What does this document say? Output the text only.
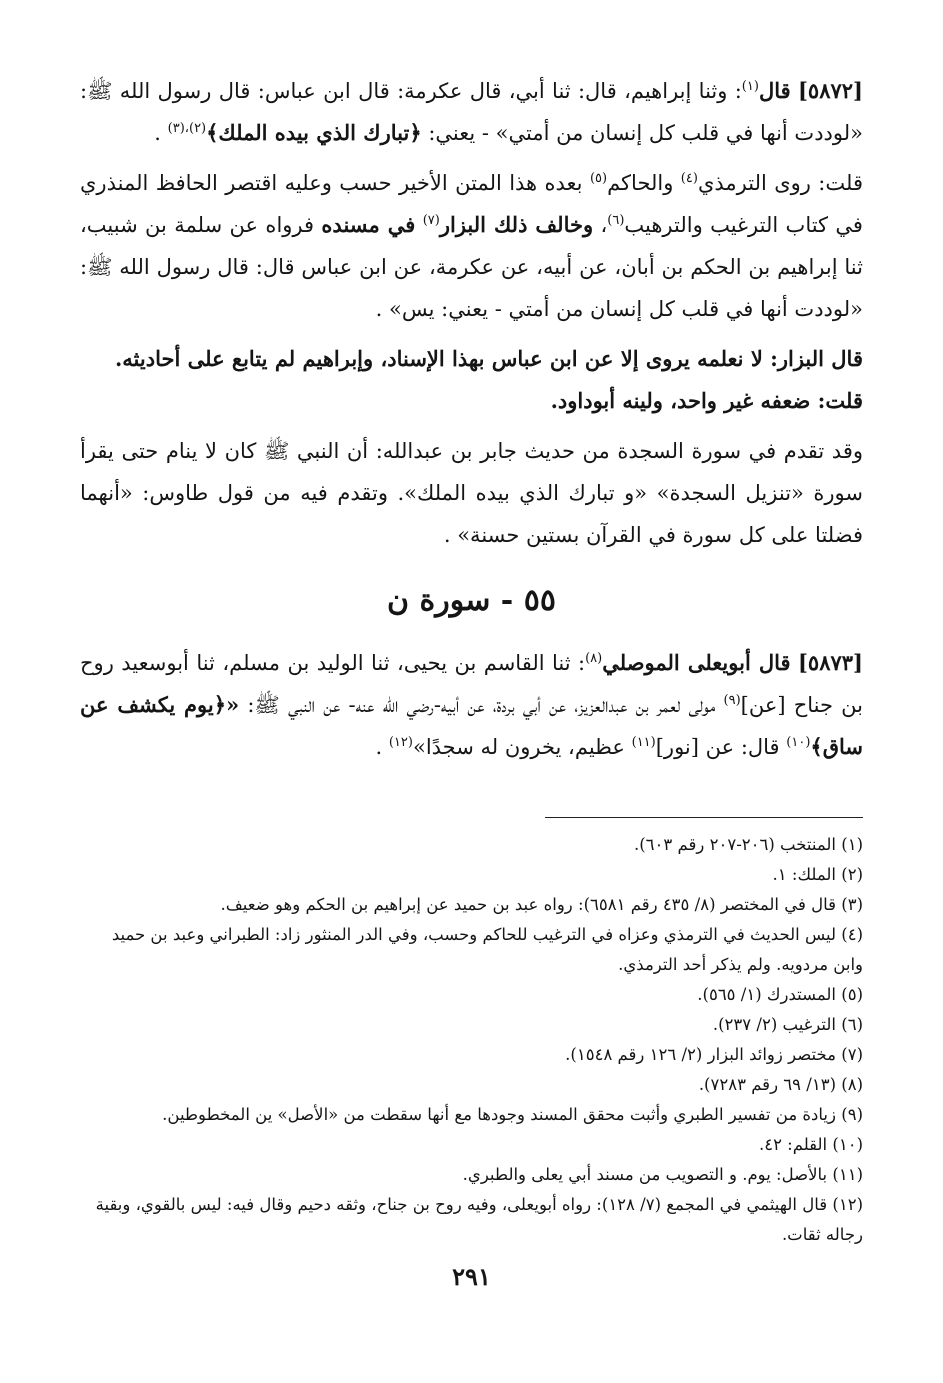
[٥٨٧٢] قال$^{(١)}$: وثنا إبراهيم، قال: ثنا أبي، قال عكرمة: قال ابن عباس: قال رسول الله ﷺ: «لوددت أنها في قلب كل إنسان من أمتي» - يعني: ﴿تبارك الذي بيده الملك﴾$^{(٢)،(٣)}$ .

قلت: روى الترمذي$^{(٤)}$ والحاكم$^{(٥)}$ بعده هذا المتن الأخير حسب وعليه اقتصر الحافظ المنذري في كتاب الترغيب والترهيب$^{(٦)}$، وخالف ذلك البزار$^{(٧)}$ في مسنده فرواه عن سلمة بن شبيب، ثنا إبراهيم بن الحكم بن أبان، عن أبيه، عن عكرمة، عن ابن عباس قال: قال رسول الله ﷺ: «لوددت أنها في قلب كل إنسان من أمتي - يعني: يس» .

قال البزار: لا نعلمه يروى إلا عن ابن عباس بهذا الإسناد، وإبراهيم لم يتابع على أحاديثه.
قلت: ضعفه غير واحد، ولينه أبوداود.

وقد تقدم في سورة السجدة من حديث جابر بن عبدالله: أن النبي ﷺ كان لا ينام حتى يقرأ سورة «تنزيل السجدة» «و تبارك الذي بيده الملك». وتقدم فيه من قول طاوس: «أنهما فضلتا على كل سورة في القرآن بستين حسنة» .

٥٥ - سورة ن

[٥٨٧٣] قال أبويعلى الموصلي$^{(٨)}$: ثنا القاسم بن يحيى، ثنا الوليد بن مسلم، ثنا أبوسعيد روح بن جناح [عن]$^{(٩)}$ مولى لعمر بن عبدالعزيز، عن أبي بردة، عن أبيه-رضي الله عنه- عن النبي ﷺ: «﴿يوم يكشف عن ساق﴾$^{(١٠)}$ قال: عن [نور]$^{(١١)}$ عظيم، يخرون له سجدًا»$^{(١٢)}$ .

(١) المنتخب (٢٠٦-٢٠٧ رقم ٦٠٣).

(٢) الملك: ١.

(٣) قال في المختصر (٨/ ٤٣٥ رقم ٦٥٨١): رواه عبد بن حميد عن إبراهيم بن الحكم وهو ضعيف.

(٤) ليس الحديث في الترمذي وعزاه في الترغيب للحاكم وحسب، وفي الدر المنثور زاد: الطبراني وعبد بن حميد وابن مردويه. ولم يذكر أحد الترمذي.

(٥) المستدرك (١/ ٥٦٥).

(٦) الترغيب (٢/ ٢٣٧).

(٧) مختصر زوائد البزار (٢/ ١٢٦ رقم ١٥٤٨).

(٨) (١٣/ ٦٩ رقم ٧٢٨٣).

(٩) زيادة من تفسير الطبري وأثبت محقق المسند وجودها مع أنها سقطت من «الأصل» ين المخطوطين.

(١٠) القلم: ٤٢.

(١١) بالأصل: يوم. و التصويب من مسند أبي يعلى والطبري.

(١٢) قال الهيثمي في المجمع (٧/ ١٢٨): رواه أبويعلى، وفيه روح بن جناح، وثقه دحيم وقال فيه: ليس بالقوي، وبقية رجاله ثقات.

٢٩١
